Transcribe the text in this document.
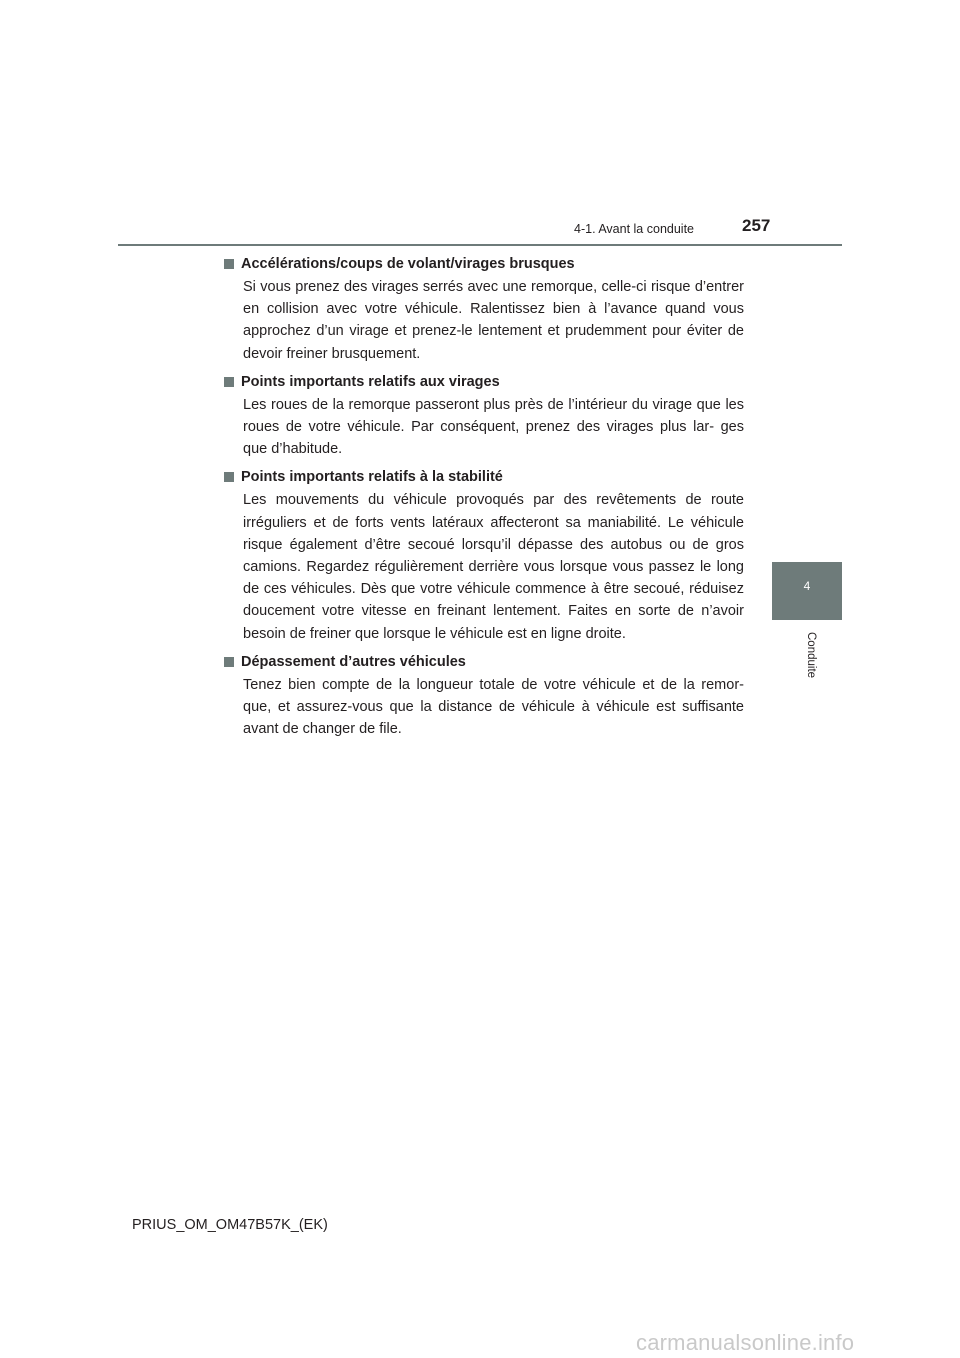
4-1. Avant la conduite	257
4
Conduite
Accélérations/coups de volant/virages brusques

Si vous prenez des virages serrés avec une remorque, celle-ci risque d’entrer en collision avec votre véhicule. Ralentissez bien à l’avance quand vous approchez d’un virage et prenez-le lentement et prudemment pour éviter de devoir freiner brusquement.

Points importants relatifs aux virages

Les roues de la remorque passeront plus près de l’intérieur du virage que les roues de votre véhicule. Par conséquent, prenez des virages plus lar- ges que d’habitude.

Points importants relatifs à la stabilité

Les mouvements du véhicule provoqués par des revêtements de route irréguliers et de forts vents latéraux affecteront sa maniabilité. Le véhicule risque également d’être secoué lorsqu’il dépasse des autobus ou de gros camions. Regardez régulièrement derrière vous lorsque vous passez le long de ces véhicules. Dès que votre véhicule commence à être secoué, réduisez doucement votre vitesse en freinant lentement. Faites en sorte de n’avoir besoin de freiner que lorsque le véhicule est en ligne droite.

Dépassement d’autres véhicules

Tenez bien compte de la longueur totale de votre véhicule et de la remor- que, et assurez-vous que la distance de véhicule à véhicule est suffisante avant de changer de file.

PRIUS_OM_OM47B57K_(EK)
carmanualsonline.info
